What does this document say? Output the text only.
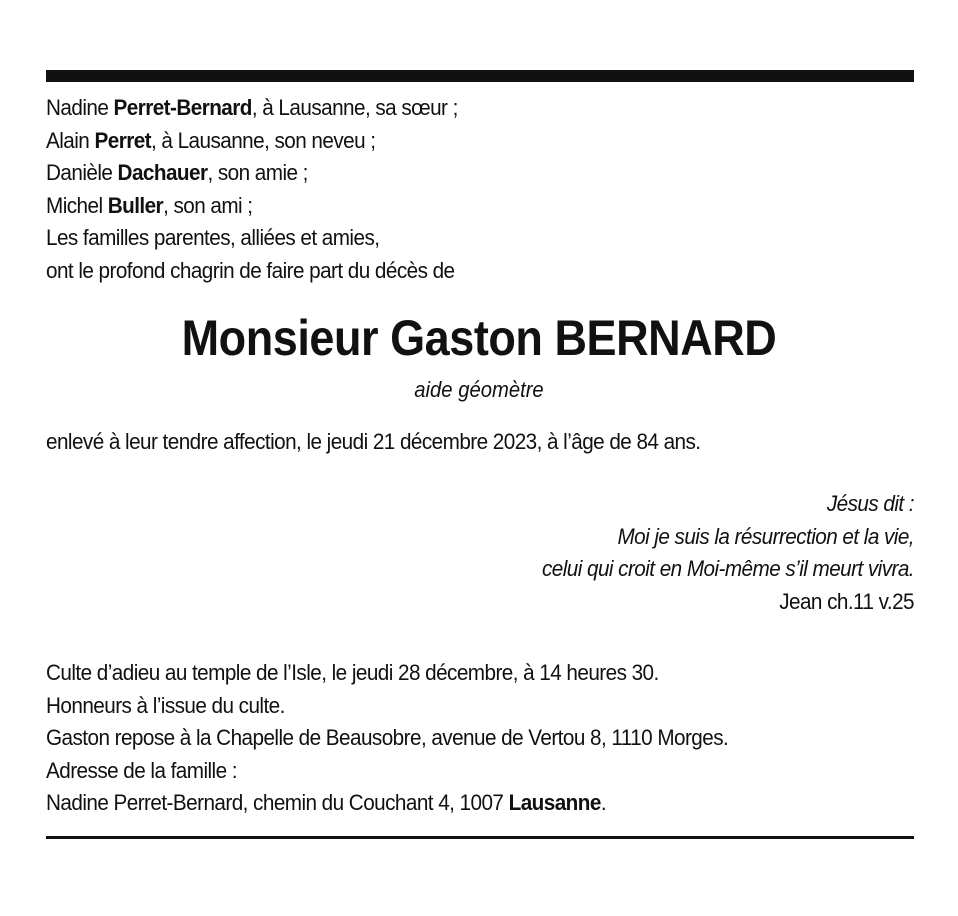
Nadine Perret-Bernard, à Lausanne, sa sœur ;
Alain Perret, à Lausanne, son neveu ;
Danièle Dachauer, son amie ;
Michel Buller, son ami ;
Les familles parentes, alliées et amies,
ont le profond chagrin de faire part du décès de
Monsieur Gaston BERNARD
aide géomètre
enlevé à leur tendre affection, le jeudi 21 décembre 2023, à l’âge de 84 ans.
Jésus dit :
Moi je suis la résurrection et la vie,
celui qui croit en Moi-même s’il meurt vivra.
Jean ch.11 v.25
Culte d’adieu au temple de l’Isle, le jeudi 28 décembre, à 14 heures 30.
Honneurs à l’issue du culte.
Gaston repose à la Chapelle de Beausobre, avenue de Vertou 8, 1110 Morges.
Adresse de la famille :
Nadine Perret-Bernard, chemin du Couchant 4, 1007 Lausanne.
